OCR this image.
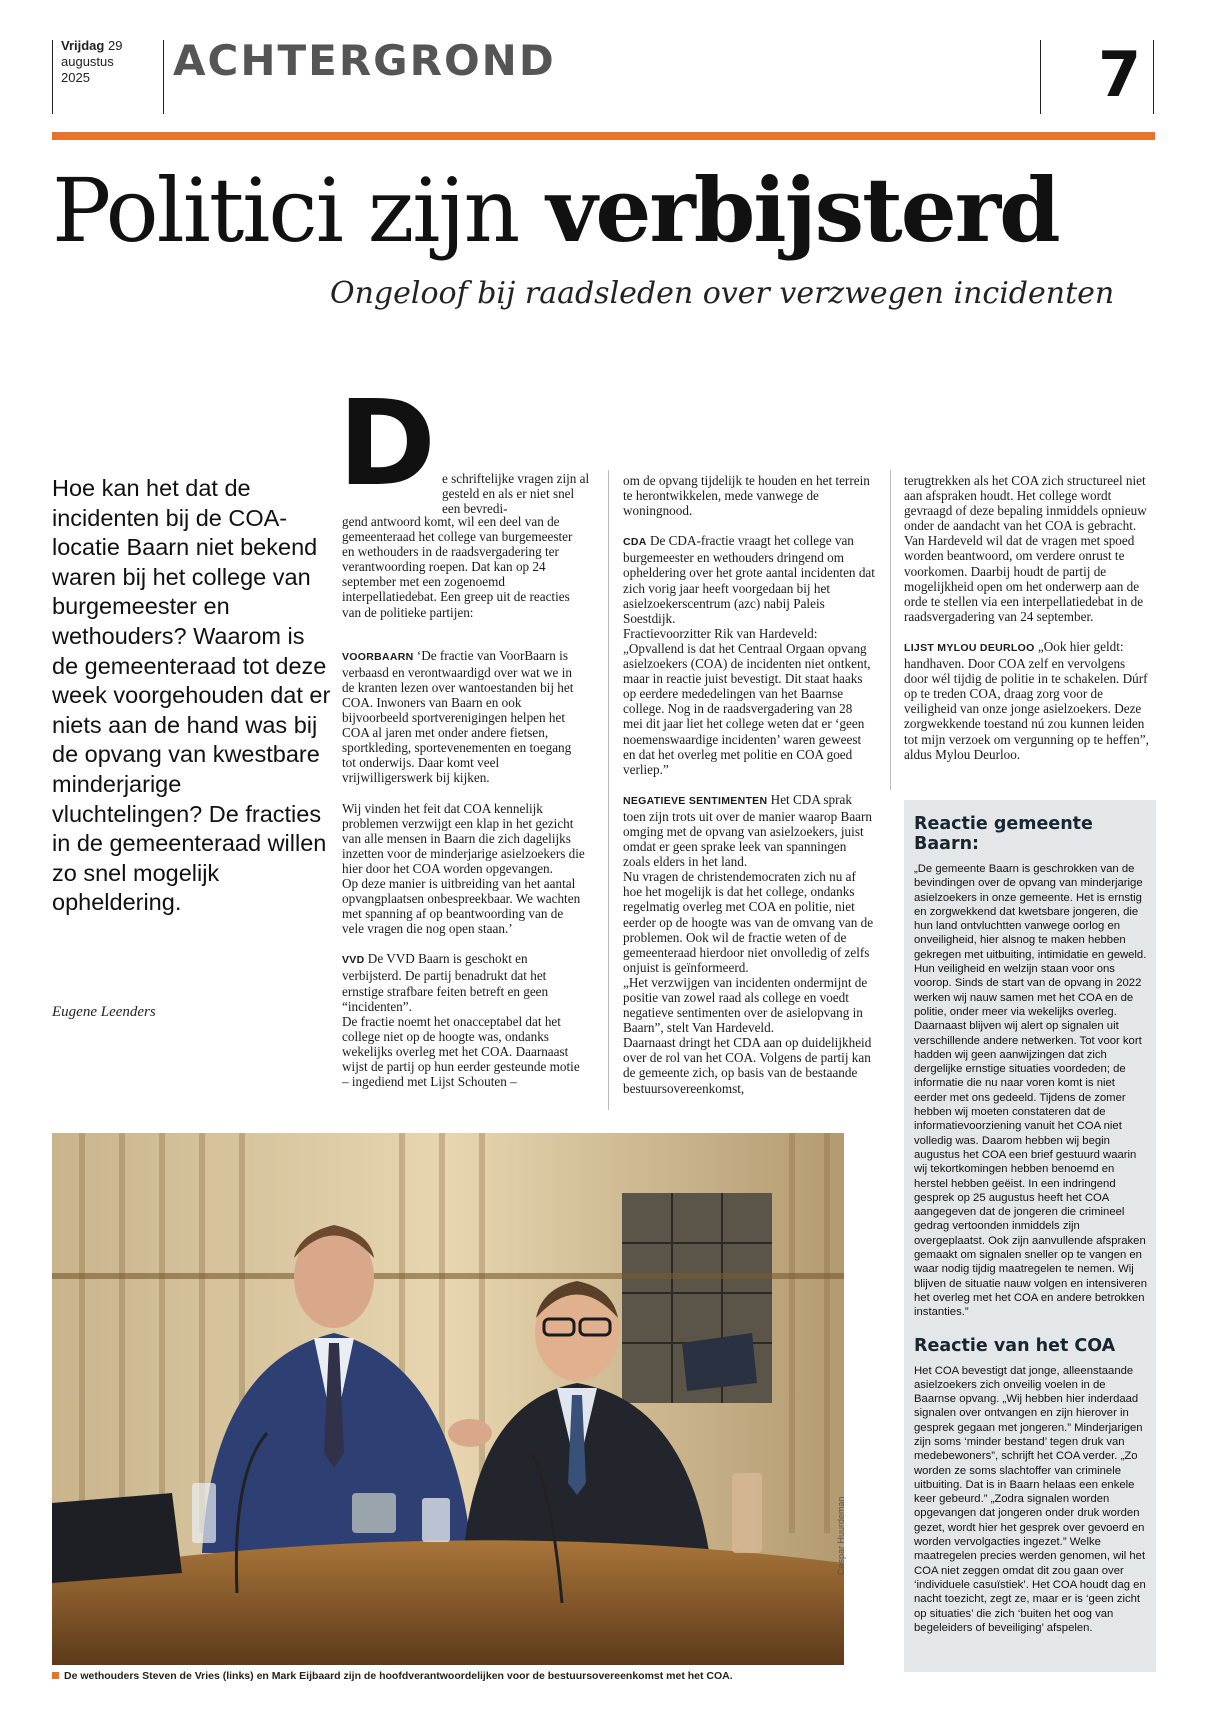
Vrijdag 29
augustus
2025	ACHTERGROND	7
Politici zijn verbijsterd
Ongeloof bij raadsleden over verzwegen incidenten
Hoe kan het dat de incidenten bij de COA-locatie Baarn niet bekend waren bij het college van burgemeester en wethouders? Waarom is de gemeenteraad tot deze week voorgehouden dat er niets aan de hand was bij de opvang van kwestbare minderjarige vluchtelingen? De fracties in de gemeenteraad willen zo snel mogelijk opheldering.
Eugene Leenders
D e schriftelijke vragen zijn al gesteld en als er niet snel een bevredi-

gend antwoord komt, wil een deel van de gemeenteraad het college van burgemeester en wethouders in de raadsvergadering ter verantwoording roepen. Dat kan op 24 september met een zogenoemd interpellatiedebat. Een greep uit de reacties van de politieke partijen:

VOORBAARN ‘De fractie van VoorBaarn is verbaasd en verontwaardigd over wat we in de kranten lezen over wantoestanden bij het COA. Inwoners van Baarn en ook bijvoorbeeld sportverenigingen helpen het COA al jaren met onder andere fietsen, sportkleding, sportevenementen en toegang tot onderwijs. Daar komt veel vrijwilligerswerk bij kijken.

Wij vinden het feit dat COA kennelijk problemen verzwijgt een klap in het gezicht van alle mensen in Baarn die zich dagelijks inzetten voor de minderjarige asielzoekers die hier door het COA worden opgevangen.

Op deze manier is uitbreiding van het aantal opvangplaatsen onbespreekbaar. We wachten met spanning af op beantwoording van de vele vragen die nog open staan.’

VVD De VVD Baarn is geschokt en verbijsterd. De partij benadrukt dat het ernstige strafbare feiten betreft en geen “incidenten”.

De fractie noemt het onacceptabel dat het college niet op de hoogte was, ondanks wekelijks overleg met het COA. Daarnaast wijst de partij op hun eerder gesteunde motie – ingediend met Lijst Schouten –

om de opvang tijdelijk te houden en het terrein te herontwikkelen, mede vanwege de woningnood.

CDA De CDA-fractie vraagt het college van burgemeester en wethouders dringend om opheldering over het grote aantal incidenten dat zich vorig jaar heeft voorgedaan bij het asielzoekerscentrum (azc) nabij Paleis Soestdijk.

Fractievoorzitter Rik van Hardeveld: „Opvallend is dat het Centraal Orgaan opvang asielzoekers (COA) de incidenten niet ontkent, maar in reactie juist bevestigt. Dit staat haaks op eerdere mededelingen van het Baarnse college. Nog in de raadsvergadering van 28 mei dit jaar liet het college weten dat er ‘geen noemenswaardige incidenten’ waren geweest en dat het overleg met politie en COA goed verliep.”

NEGATIEVE SENTIMENTEN Het CDA sprak toen zijn trots uit over de manier waarop Baarn omging met de opvang van asielzoekers, juist omdat er geen sprake leek van spanningen zoals elders in het land.

Nu vragen de christendemocraten zich nu af hoe het mogelijk is dat het college, ondanks regelmatig overleg met COA en politie, niet eerder op de hoogte was van de omvang van de problemen. Ook wil de fractie weten of de gemeenteraad hierdoor niet onvolledig of zelfs onjuist is geïnformeerd.

„Het verzwijgen van incidenten ondermijnt de positie van zowel raad als college en voedt negatieve sentimenten over de asielopvang in Baarn”, stelt Van Hardeveld.

Daarnaast dringt het CDA aan op duidelijkheid over de rol van het COA. Volgens de partij kan de gemeente zich, op basis van de bestaande bestuursovereenkomst,

terugtrekken als het COA zich structureel niet aan afspraken houdt. Het college wordt gevraagd of deze bepaling inmiddels opnieuw onder de aandacht van het COA is gebracht.

Van Hardeveld wil dat de vragen met spoed worden beantwoord, om verdere onrust te voorkomen. Daarbij houdt de partij de mogelijkheid open om het onderwerp aan de orde te stellen via een interpellatiedebat in de raadsvergadering van 24 september.

LIJST MYLOU DEURLOO „Ook hier geldt: handhaven. Door COA zelf en vervolgens door wél tijdig de politie in te schakelen. Dúrf op te treden COA, draag zorg voor de veiligheid van onze jonge asielzoekers. Deze zorgwekkende toestand nú zou kunnen leiden tot mijn verzoek om vergunning op te heffen”, aldus Mylou Deurloo.

Reactie gemeente Baarn:
„De gemeente Baarn is geschrokken van de bevindingen over de opvang van minderjarige asielzoekers in onze gemeente. Het is ernstig en zorgwekkend dat kwetsbare jongeren, die hun land ontvluchtten vanwege oorlog en onveiligheid, hier alsnog te maken hebben gekregen met uitbuiting, intimidatie en geweld. Hun veiligheid en welzijn staan voor ons voorop. Sinds de start van de opvang in 2022 werken wij nauw samen met het COA en de politie, onder meer via wekelijks overleg. Daarnaast blijven wij alert op signalen uit verschillende andere netwerken. Tot voor kort hadden wij geen aanwijzingen dat zich dergelijke ernstige situaties voordeden; de informatie die nu naar voren komt is niet eerder met ons gedeeld. Tijdens de zomer hebben wij moeten constateren dat de informatievoorziening vanuit het COA niet volledig was. Daarom hebben wij begin augustus het COA een brief gestuurd waarin wij tekortkomingen hebben benoemd en herstel hebben geëist. In een indringend gesprek op 25 augustus heeft het COA aangegeven dat de jongeren die crimineel gedrag vertoonden inmiddels zijn overgeplaatst. Ook zijn aanvullende afspraken gemaakt om signalen sneller op te vangen en waar nodig tijdig maatregelen te nemen. Wij blijven de situatie nauw volgen en intensiveren het overleg met het COA en andere betrokken instanties.”
Reactie van het COA
Het COA bevestigt dat jonge, alleenstaande asielzoekers zich onveilig voelen in de Baarnse opvang. „Wij hebben hier inderdaad signalen over ontvangen en zijn hierover in gesprek gegaan met jongeren.” Minderjarigen zijn soms ‘minder bestand’ tegen druk van medebewoners”, schrijft het COA verder. „Zo worden ze soms slachtoffer van criminele uitbuiting. Dat is in Baarn helaas een enkele keer gebeurd.” „Zodra signalen worden opgevangen dat jongeren onder druk worden gezet, wordt hier het gesprek over gevoerd en worden vervolgacties ingezet.” Welke maatregelen precies werden genomen, wil het COA niet zeggen omdat dit zou gaan over ‘individuele casuïstiek’. Het COA houdt dag en nacht toezicht, zegt ze, maar er is ‘geen zicht op situaties’ die zich ‘buiten het oog van begeleiders of beveiliging’ afspelen.
Caspar Huurdeman
De wethouders Steven de Vries (links) en Mark Eijbaard zijn de hoofdverantwoordelijken voor de bestuursovereenkomst met het COA.
